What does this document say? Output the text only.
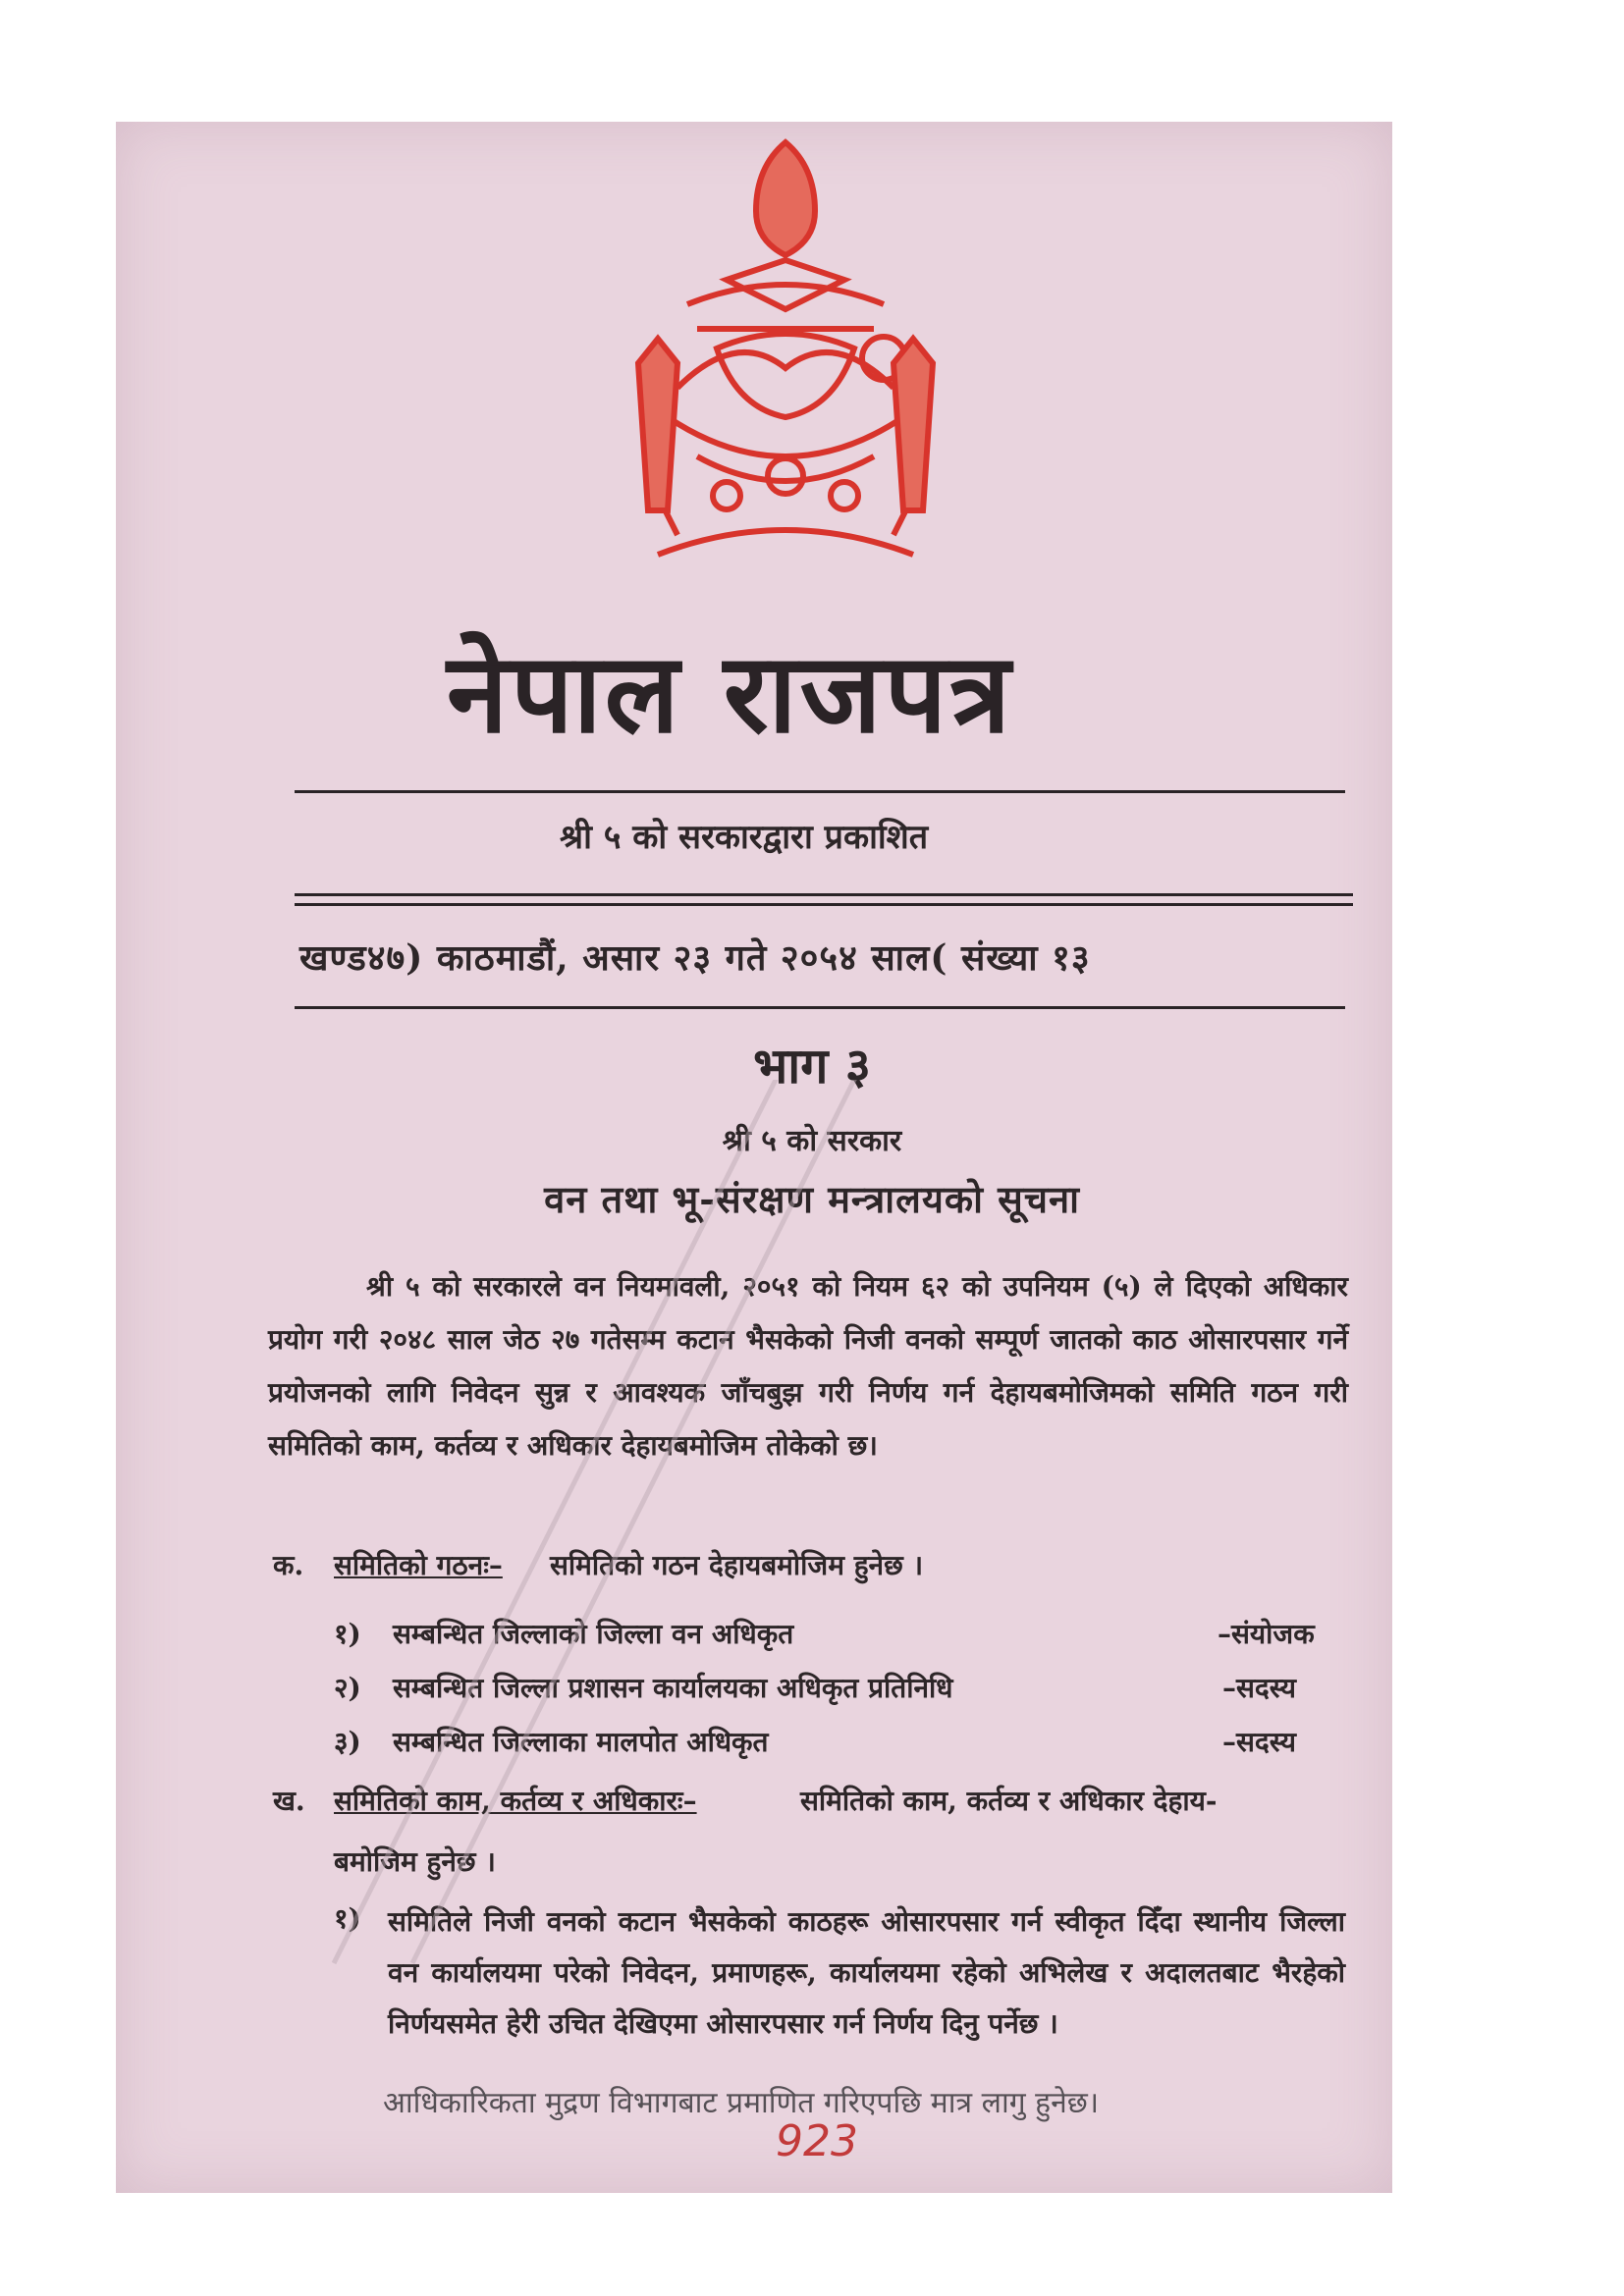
नेपाल राजपत्र
श्री ५ को सरकारद्वारा प्रकाशित
खण्ड४७) काठमाडौं, असार २३ गते २०५४ साल( संख्या १३
भाग ३
श्री ५ को सरकार
वन तथा भू-संरक्षण मन्त्रालयको सूचना
श्री ५ को सरकारले वन नियमावली, २०५१ को नियम ६२ को उपनियम (५) ले दिएको अधिकार प्रयोग गरी २०४८ साल जेठ २७ गतेसम्म कटान भैसकेको निजी वनको सम्पूर्ण जातको काठ ओसारपसार गर्ने प्रयोजनको लागि निवेदन सुन्न र आवश्यक जाँचबुझ गरी निर्णय गर्न देहायबमोजिमको समिति गठन गरी समितिको काम, कर्तव्य र अधिकार देहायबमोजिम तोकेको छ।
क. समितिको गठनः– समितिको गठन देहायबमोजिम हुनेछ ।
१) सम्बन्धित जिल्लाको जिल्ला वन अधिकृत	–संयोजक
२) सम्बन्धित जिल्ला प्रशासन कार्यालयका अधिकृत प्रतिनिधि	–सदस्य
३) सम्बन्धित जिल्लाका मालपोत अधिकृत	–सदस्य
ख. समितिको काम, कर्तव्य र अधिकारः–	समितिको काम, कर्तव्य र अधिकार देहाय-
बमोजिम हुनेछ ।
१) समितिले निजी वनको कटान भैसकेको काठहरू ओसारपसार गर्न स्वीकृत दिँदा स्थानीय जिल्ला वन कार्यालयमा परेको निवेदन, प्रमाणहरू, कार्यालयमा रहेको अभिलेख र अदालतबाट भैरहेको निर्णयसमेत हेरी उचित देखिएमा ओसारपसार गर्न निर्णय दिनु पर्नेछ ।
आधिकारिकता मुद्रण विभागबाट प्रमाणित गरिएपछि मात्र लागु हुनेछ।
923
